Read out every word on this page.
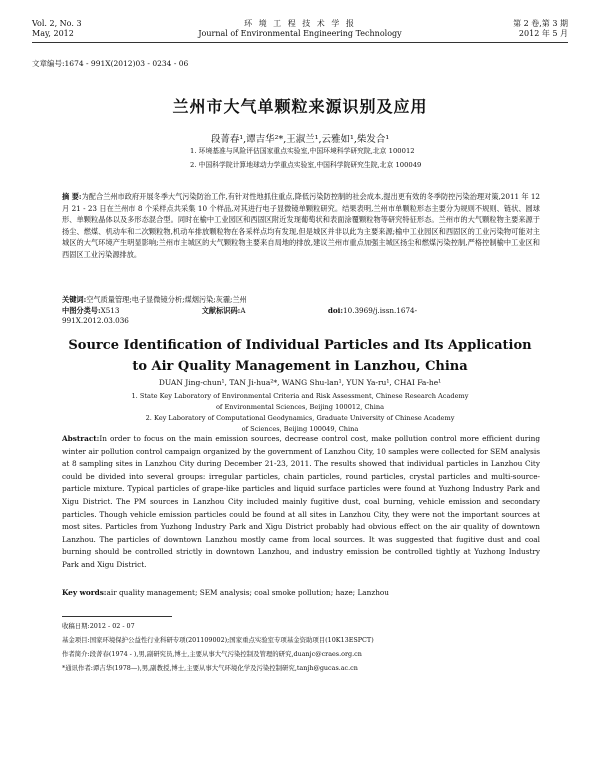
Vol. 2, No. 3
May, 2012
环 境 工 程 技 术 学 报
Journal of Environmental Engineering Technology
第 2 卷,第 3 期
2012 年 5 月
文章编号:1674 - 991X(2012)03 - 0234 - 06
兰州市大气单颗粒来源识别及应用
段菁春¹,谭吉华²*,王淑兰¹,云雅如¹,柴发合¹
1. 环境基准与风险评估国家重点实验室,中国环境科学研究院,北京 100012
2. 中国科学院计算地球动力学重点实验室,中国科学院研究生院,北京 100049
摘 要:为配合兰州市政府开展冬季大气污染防治工作,有针对性地抓住重点,降低污染防控制的社会成本,提出更有效的冬季防控污染治理对策,2011 年 12 月 21 - 23 日在兰州市 8 个采样点共采集 10 个样品,对其进行电子显微镜单颗粒研究。结果表明,兰州市单颗粒形态主要分为规则不规则、链状、圆球形、单颗粒晶体以及多形态混合型。同时在榆中工业园区和西固区附近发现葡萄状和表面涂覆颗粒物等研究特征形态。兰州市的大气颗粒物主要来源于扬尘、燃煤、机动车和二次颗粒物,机动车排放颗粒物在各采样点均有发现,但是城区并非以此为主要来源;榆中工业园区和西固区的工业污染物可能对主城区的大气环境产生明显影响;兰州市主城区的大气颗粒物主要来自局地的排放,建议兰州市重点加强主城区扬尘和燃煤污染控制,严格控制榆中工业区和西固区工业污染源排放。
关键词:空气质量管理;电子显微镜分析;煤烟污染;灰霾;兰州
中图分类号:X513	文献标识码:A	doi:10.3969/j.issn.1674-991X.2012.03.036
Source Identification of Individual Particles and Its Application
to Air Quality Management in Lanzhou, China
DUAN Jing-chun¹, TAN Ji-hua²*, WANG Shu-lan¹, YUN Ya-ru¹, CHAI Fa-he¹
1. State Key Laboratory of Environmental Criteria and Risk Assessment, Chinese Research Academy
of Environmental Sciences, Beijing 100012, China
2. Key Laboratory of Computational Geodynamics, Graduate University of Chinese Academy
of Sciences, Beijing 100049, China
Abstract:In order to focus on the main emission sources, decrease control cost, make pollution control more efficient during winter air pollution control campaign organized by the government of Lanzhou City, 10 samples were collected for SEM analysis at 8 sampling sites in Lanzhou City during December 21-23, 2011. The results showed that individual particles in Lanzhou City could be divided into several groups: irregular particles, chain particles, round particles, crystal particles and multi-source-particle mixture. Typical particles of grape-like particles and liquid surface particles were found at Yuzhong Industry Park and Xigu District. The PM sources in Lanzhou City included mainly fugitive dust, coal burning, vehicle emission and secondary particles. Though vehicle emission particles could be found at all sites in Lanzhou City, they were not the important sources at most sites. Particles from Yuzhong Industry Park and Xigu District probably had obvious effect on the air quality of downtown Lanzhou. The particles of downtown Lanzhou mostly came from local sources. It was suggested that fugitive dust and coal burning should be controlled strictly in downtown Lanzhou, and industry emission be controlled tightly at Yuzhong Industry Park and Xigu District.
Key words:air quality management; SEM analysis; coal smoke pollution; haze; Lanzhou
收稿日期:2012 - 02 - 07
基金项目:国家环境保护公益性行业科研专项(201109002);国家重点实验室专项基金资助项目(10K13ESPCT)
作者简介:段菁春(1974 - ),男,副研究员,博士,主要从事大气污染控制及管理的研究,duanjc@craes.org.cn
*通讯作者:谭吉华(1978—),男,副教授,博士,主要从事大气环境化学及污染控制研究,tanjh@gucas.ac.cn
